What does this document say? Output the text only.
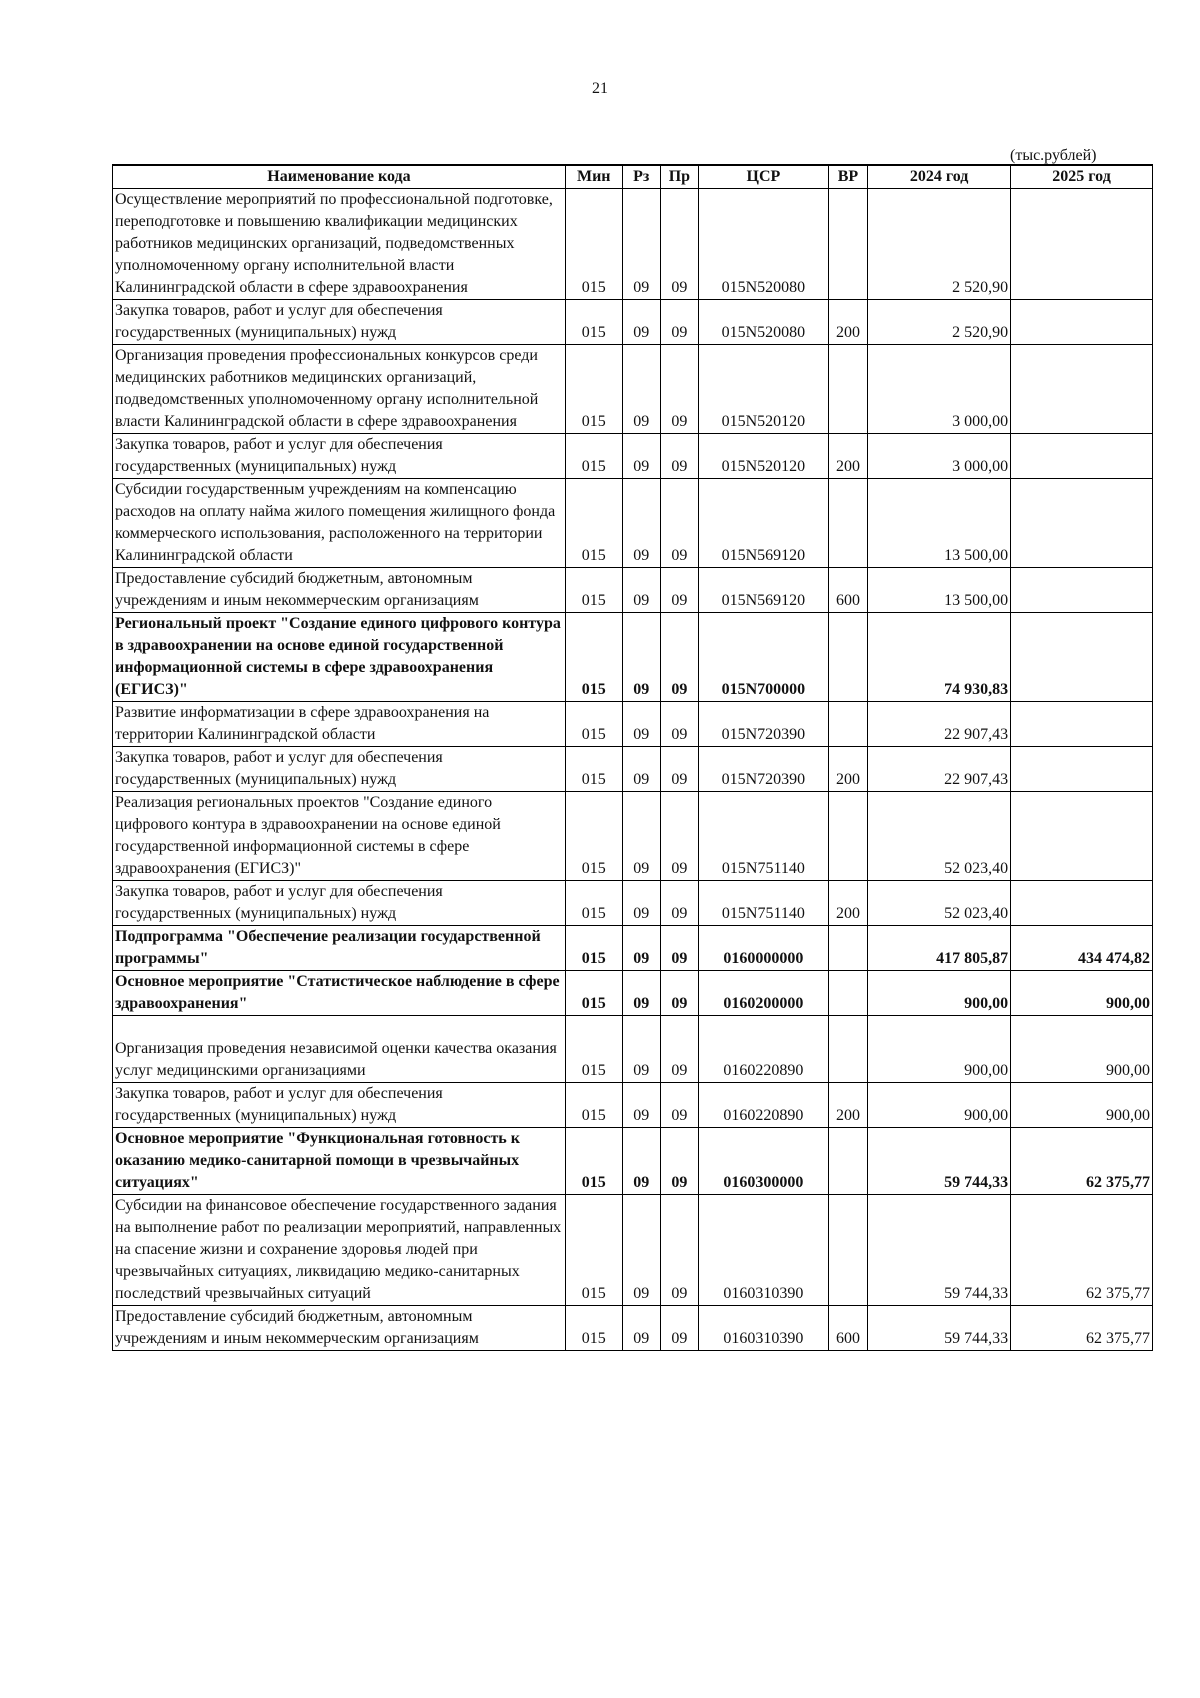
21
(тыс.рублей)
Наименование кода	Мин	Рз	Пр	ЦСР	ВР	2024 год	2025 год
Осуществление мероприятий по профессиональной подготовке, переподготовке и повышению квалификации медицинских работников медицинских организаций, подведомственных уполномоченному органу исполнительной власти Калининградской области в сфере здравоохранения	015	09	09	015N520080		2 520,90	
Закупка товаров, работ и услуг для обеспечения государственных (муниципальных) нужд	015	09	09	015N520080	200	2 520,90	
Организация проведения профессиональных конкурсов среди медицинских работников медицинских организаций, подведомственных уполномоченному органу исполнительной власти Калининградской области в сфере здравоохранения	015	09	09	015N520120		3 000,00	
Закупка товаров, работ и услуг для обеспечения государственных (муниципальных) нужд	015	09	09	015N520120	200	3 000,00	
Субсидии государственным учреждениям на компенсацию расходов на оплату найма жилого помещения жилищного фонда коммерческого использования, расположенного на территории Калининградской области	015	09	09	015N569120		13 500,00	
Предоставление субсидий бюджетным, автономным учреждениям и иным некоммерческим организациям	015	09	09	015N569120	600	13 500,00	
Региональный проект "Создание единого цифрового контура в здравоохранении на основе единой государственной информационной системы в сфере здравоохранения (ЕГИСЗ)"	015	09	09	015N700000		74 930,83	
Развитие информатизации в сфере здравоохранения на территории Калининградской области	015	09	09	015N720390		22 907,43	
Закупка товаров, работ и услуг для обеспечения государственных (муниципальных) нужд	015	09	09	015N720390	200	22 907,43	
Реализация региональных проектов "Создание единого цифрового контура в здравоохранении на основе единой государственной информационной системы в сфере здравоохранения (ЕГИСЗ)"	015	09	09	015N751140		52 023,40	
Закупка товаров, работ и услуг для обеспечения государственных (муниципальных) нужд	015	09	09	015N751140	200	52 023,40	
Подпрограмма "Обеспечение реализации государственной программы"	015	09	09	0160000000		417 805,87	434 474,82
Основное мероприятие "Статистическое наблюдение в сфере здравоохранения"	015	09	09	0160200000		900,00	900,00
Организация проведения независимой оценки качества оказания услуг медицинскими организациями	015	09	09	0160220890		900,00	900,00
Закупка товаров, работ и услуг для обеспечения государственных (муниципальных) нужд	015	09	09	0160220890	200	900,00	900,00
Основное мероприятие "Функциональная готовность к оказанию медико-санитарной помощи в чрезвычайных ситуациях"	015	09	09	0160300000		59 744,33	62 375,77
Субсидии на финансовое обеспечение государственного задания на выполнение работ по реализации мероприятий, направленных на спасение жизни и сохранение здоровья людей при чрезвычайных ситуациях, ликвидацию медико-санитарных последствий чрезвычайных ситуаций	015	09	09	0160310390		59 744,33	62 375,77
Предоставление субсидий бюджетным, автономным учреждениям и иным некоммерческим организациям	015	09	09	0160310390	600	59 744,33	62 375,77
